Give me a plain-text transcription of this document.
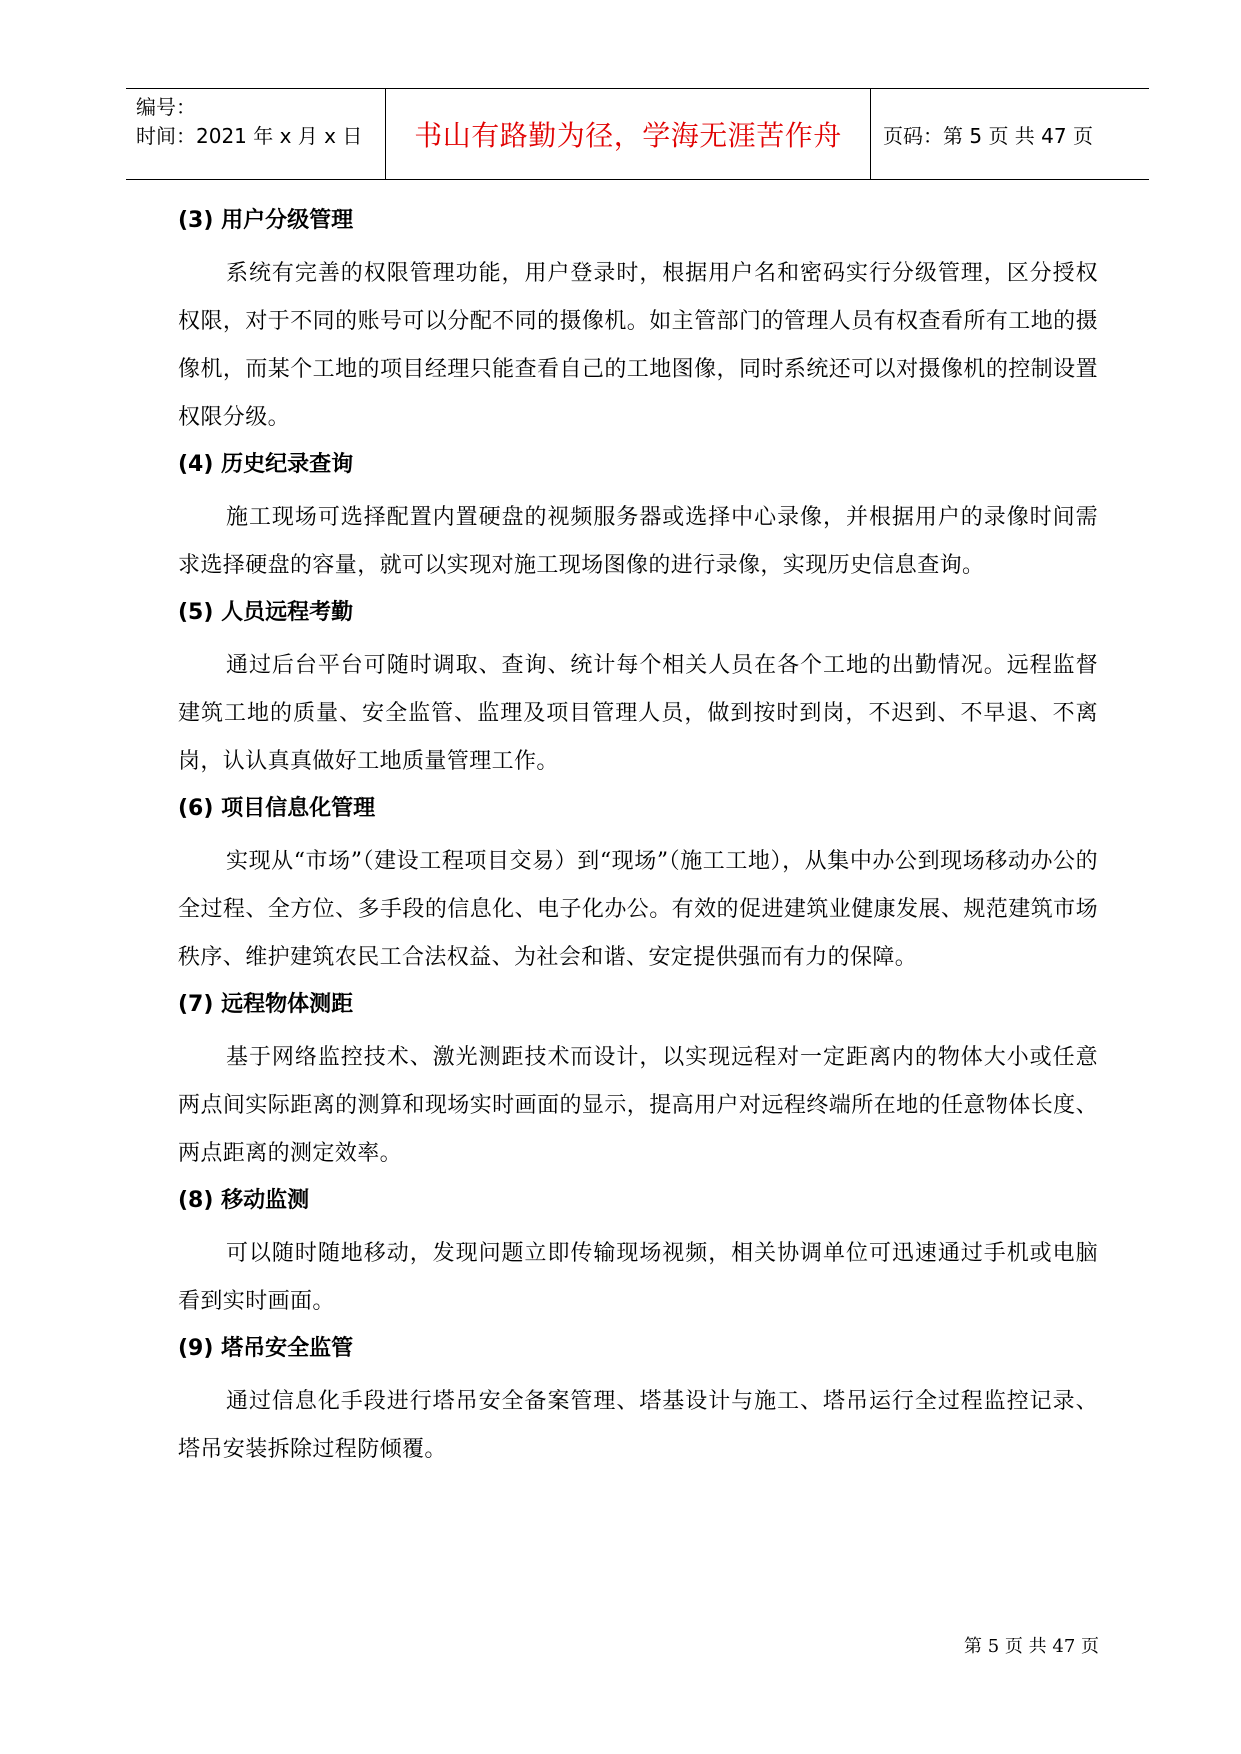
编号：
时间：2021 年 x 月 x 日	书山有路勤为径，学海无涯苦作舟 页码：第 5 页 共 47 页
(3) 用户分级管理

系统有完善的权限管理功能，用户登录时，根据用户名和密码实行分级管理，区分授权权限，对于不同的账号可以分配不同的摄像机。如主管部门的管理人员有权查看所有工地的摄像机，而某个工地的项目经理只能查看自己的工地图像，同时系统还可以对摄像机的控制设置权限分级。

(4) 历史纪录查询

施工现场可选择配置内置硬盘的视频服务器或选择中心录像，并根据用户的录像时间需求选择硬盘的容量，就可以实现对施工现场图像的进行录像，实现历史信息查询。

(5) 人员远程考勤

通过后台平台可随时调取、查询、统计每个相关人员在各个工地的出勤情况。远程监督建筑工地的质量、安全监管、监理及项目管理人员，做到按时到岗，不迟到、不早退、不离岗，认认真真做好工地质量管理工作。

(6) 项目信息化管理

实现从“市场”（建设工程项目交易）到“现场”（施工工地），从集中办公到现场移动办公的全过程、全方位、多手段的信息化、电子化办公。有效的促进建筑业健康发展、规范建筑市场秩序、维护建筑农民工合法权益、为社会和谐、安定提供强而有力的保障。

(7) 远程物体测距

基于网络监控技术、激光测距技术而设计，以实现远程对一定距离内的物体大小或任意两点间实际距离的测算和现场实时画面的显示，提高用户对远程终端所在地的任意物体长度、两点距离的测定效率。

(8) 移动监测

可以随时随地移动，发现问题立即传输现场视频，相关协调单位可迅速通过手机或电脑看到实时画面。

(9) 塔吊安全监管

通过信息化手段进行塔吊安全备案管理、塔基设计与施工、塔吊运行全过程监控记录、塔吊安装拆除过程防倾覆。

第 5 页 共 47 页
